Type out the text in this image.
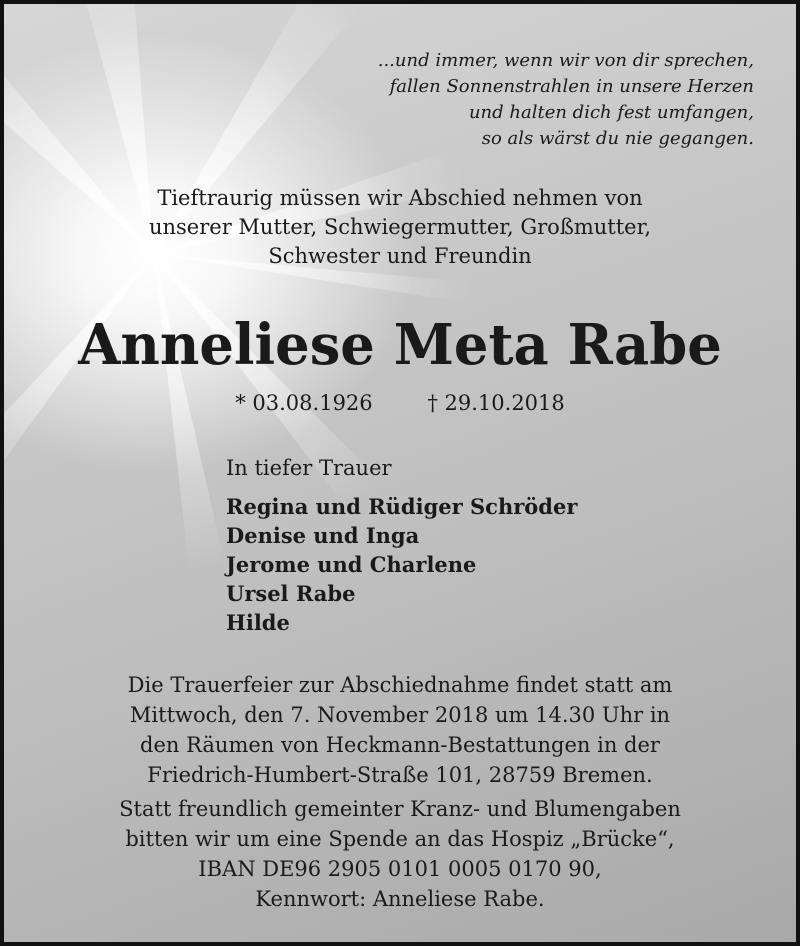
...und immer, wenn wir von dir sprechen,
fallen Sonnenstrahlen in unsere Herzen
und halten dich fest umfangen,
so als wärst du nie gegangen.
Tieftraurig müssen wir Abschied nehmen von
unserer Mutter, Schwiegermutter, Großmutter,
Schwester und Freundin
Anneliese Meta Rabe
* 03.08.1926	† 29.10.2018
In tiefer Trauer
Regina und Rüdiger Schröder
Denise und Inga
Jerome und Charlene
Ursel Rabe
Hilde
Die Trauerfeier zur Abschiednahme findet statt am
Mittwoch, den 7. November 2018 um 14.30 Uhr in
den Räumen von Heckmann-Bestattungen in der
Friedrich-Humbert-Straße 101, 28759 Bremen.
Statt freundlich gemeinter Kranz- und Blumengaben
bitten wir um eine Spende an das Hospiz „Brücke“,
IBAN DE96 2905 0101 0005 0170 90,
Kennwort: Anneliese Rabe.
